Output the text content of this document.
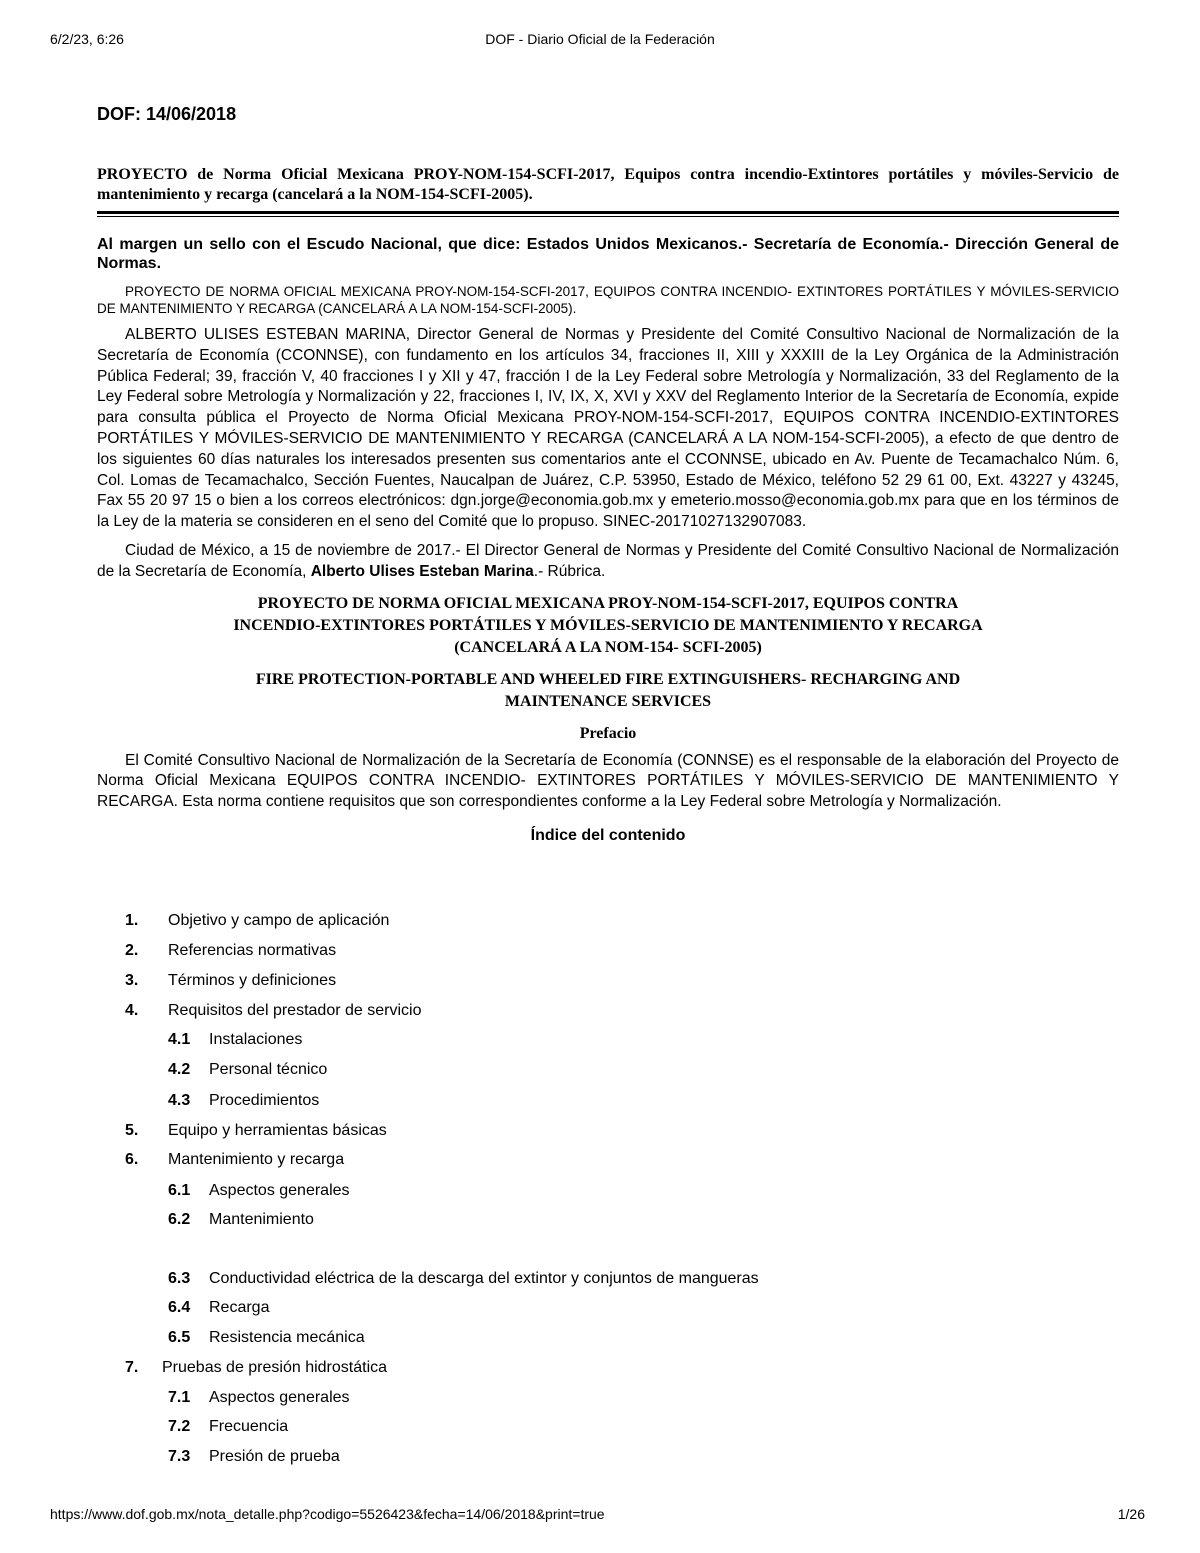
6/2/23, 6:26	DOF - Diario Oficial de la Federación
DOF: 14/06/2018
PROYECTO de Norma Oficial Mexicana PROY-NOM-154-SCFI-2017, Equipos contra incendio-Extintores portátiles y móviles-Servicio de mantenimiento y recarga (cancelará a la NOM-154-SCFI-2005).
Al margen un sello con el Escudo Nacional, que dice: Estados Unidos Mexicanos.- Secretaría de Economía.- Dirección General de Normas.

PROYECTO DE NORMA OFICIAL MEXICANA PROY-NOM-154-SCFI-2017, EQUIPOS CONTRA INCENDIO- EXTINTORES PORTÁTILES Y MÓVILES-SERVICIO DE MANTENIMIENTO Y RECARGA (CANCELARÁ A LA NOM-154-SCFI-2005).

ALBERTO ULISES ESTEBAN MARINA, Director General de Normas y Presidente del Comité Consultivo Nacional de Normalización de la Secretaría de Economía (CCONNSE), con fundamento en los artículos 34, fracciones II, XIII y XXXIII de la Ley Orgánica de la Administración Pública Federal; 39, fracción V, 40 fracciones I y XII y 47, fracción I de la Ley Federal sobre Metrología y Normalización, 33 del Reglamento de la Ley Federal sobre Metrología y Normalización y 22, fracciones I, IV, IX, X, XVI y XXV del Reglamento Interior de la Secretaría de Economía, expide para consulta pública el Proyecto de Norma Oficial Mexicana PROY-NOM-154-SCFI-2017, EQUIPOS CONTRA INCENDIO-EXTINTORES PORTÁTILES Y MÓVILES-SERVICIO DE MANTENIMIENTO Y RECARGA (CANCELARÁ A LA NOM-154-SCFI-2005), a efecto de que dentro de los siguientes 60 días naturales los interesados presenten sus comentarios ante el CCONNSE, ubicado en Av. Puente de Tecamachalco Núm. 6, Col. Lomas de Tecamachalco, Sección Fuentes, Naucalpan de Juárez, C.P. 53950, Estado de México, teléfono 52 29 61 00, Ext. 43227 y 43245, Fax 55 20 97 15 o bien a los correos electrónicos: dgn.jorge@economia.gob.mx y emeterio.mosso@economia.gob.mx para que en los términos de la Ley de la materia se consideren en el seno del Comité que lo propuso. SINEC-20171027132907083.

Ciudad de México, a 15 de noviembre de 2017.- El Director General de Normas y Presidente del Comité Consultivo Nacional de Normalización de la Secretaría de Economía, Alberto Ulises Esteban Marina.- Rúbrica.

PROYECTO DE NORMA OFICIAL MEXICANA PROY-NOM-154-SCFI-2017, EQUIPOS CONTRA
INCENDIO-EXTINTORES PORTÁTILES Y MÓVILES-SERVICIO DE MANTENIMIENTO Y RECARGA
(CANCELARÁ A LA NOM-154- SCFI-2005)
FIRE PROTECTION-PORTABLE AND WHEELED FIRE EXTINGUISHERS- RECHARGING AND
MAINTENANCE SERVICES
Prefacio

El Comité Consultivo Nacional de Normalización de la Secretaría de Economía (CONNSE) es el responsable de la elaboración del Proyecto de Norma Oficial Mexicana EQUIPOS CONTRA INCENDIO- EXTINTORES PORTÁTILES Y MÓVILES-SERVICIO DE MANTENIMIENTO Y RECARGA. Esta norma contiene requisitos que son correspondientes conforme a la Ley Federal sobre Metrología y Normalización.

Índice del contenido
1. Objetivo y campo de aplicación
2. Referencias normativas
3. Términos y definiciones
4. Requisitos del prestador de servicio
4.1 Instalaciones
4.2 Personal técnico
4.3 Procedimientos
5. Equipo y herramientas básicas
6. Mantenimiento y recarga
6.1 Aspectos generales
6.2 Mantenimiento
6.3 Conductividad eléctrica de la descarga del extintor y conjuntos de mangueras
6.4 Recarga
6.5 Resistencia mecánica
7. Pruebas de presión hidrostática
7.1 Aspectos generales
7.2 Frecuencia
7.3 Presión de prueba
https://www.dof.gob.mx/nota_detalle.php?codigo=5526423&fecha=14/06/2018&print=true	1/26
